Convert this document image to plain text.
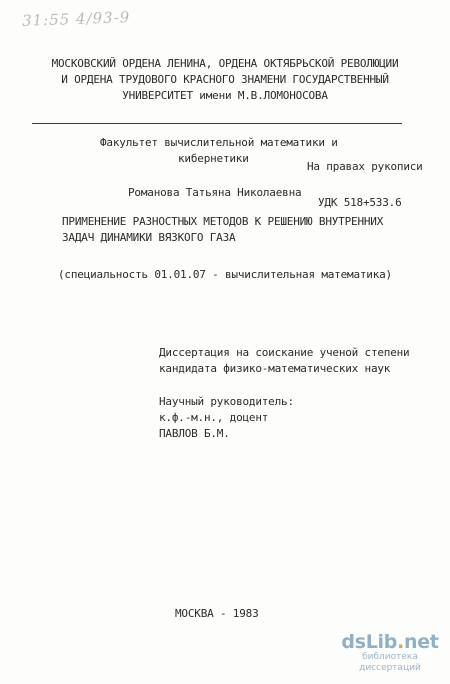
31:55 4/93-9
МОСКОВСКИЙ ОРДЕНА ЛЕНИНА, ОРДЕНА ОКТЯБРЬСКОЙ РЕВОЛЮЦИИ
И ОРДЕНА ТРУДОВОГО КРАСНОГО ЗНАМЕНИ ГОСУДАРСТВЕННЫЙ
УНИВЕРСИТЕТ имени М.В.ЛОМОНОСОВА
Факультет вычислительной математики и
кибернетики
На правах рукописи
Романова Татьяна Николаевна
УДК 518+533.6
ПРИМЕНЕНИЕ РАЗНОСТНЫХ МЕТОДОВ К РЕШЕНИЮ ВНУТРЕННИХ
ЗАДАЧ ДИНАМИКИ ВЯЗКОГО ГАЗА
(специальность 01.01.07 - вычислительная математика)
Диссертация на соискание ученой степени
кандидата физико-математических наук
Научный руководитель:
к.ф.-м.н., доцент
ПАВЛОВ Б.М.
МОСКВА - 1983
dsLib.net
библиотека диссертаций
